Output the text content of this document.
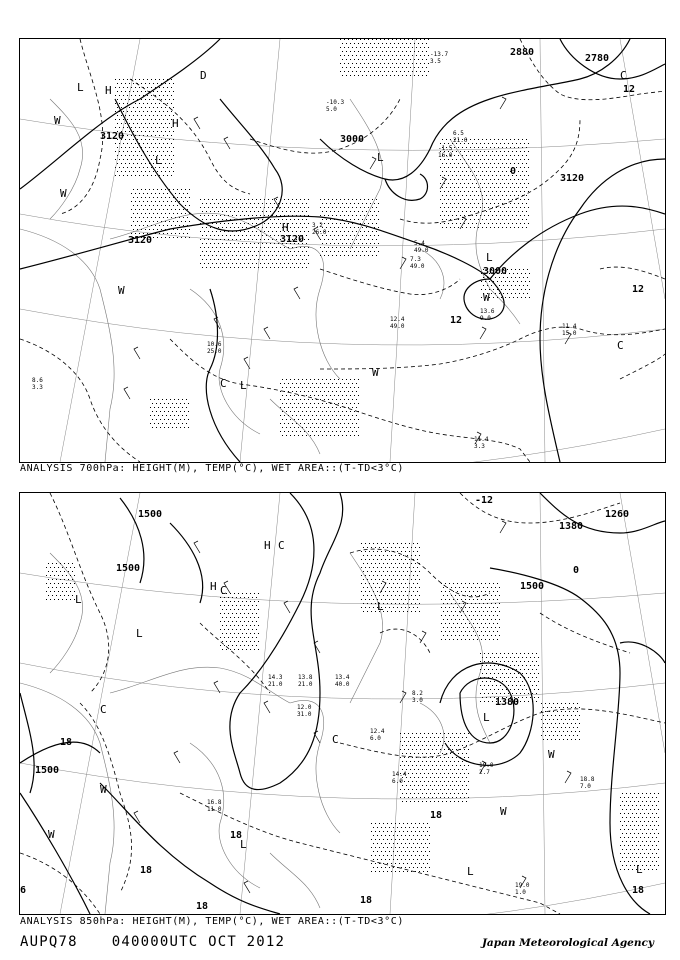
3120	3000
2880
2780
3120
3120	3120
3000
12
12
12
0
H
L
H
L	L
H
L
W
W
W
C
C
L
C
W
D
W
-13.7
3.5
-10.3
5.0
-1.5
16.0
6.5
21.0
3.2
26.0
5.4
49.0
7.3
49.0
13.6
9.0
11.4
15.0
12.4
49.0
10.6
25.0
11.4
3.3
8.6
3.3
ANALYSIS 700hPa: HEIGHT(M), TEMP(°C), WET AREA::(T-TD<3°C)
1500
1500
1500
1500
1380
1380
1260
-12
0
18
18
18
18
18
18
18
6
L
H C
H C
L
L
L
L
C
W
W
W
L	L
C
W
14.3
21.0
13.8
21.0
13.4
40.0
12.4
6.0
14.4
6.0
16.8
11.0
19.0
2.7
18.8
7.0
19.0
1.0
12.0
31.0
8.2
3.0
ANALYSIS 850hPa: HEIGHT(M), TEMP(°C), WET AREA::(T-TD<3°C)
AUPQ78 040000UTC OCT 2012	Japan Meteorological Agency
